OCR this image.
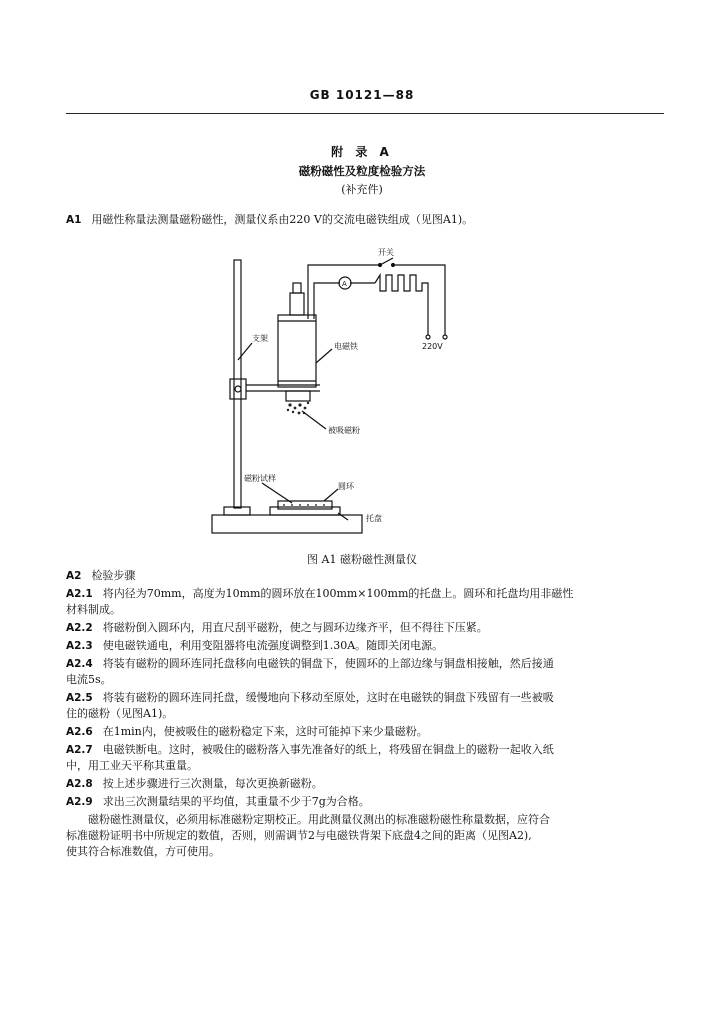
GB 10121—88
附 录 A
磁粉磁性及粒度检验方法
(补充件)
A1 用磁性称量法测量磁粉磁性，测量仪系由220 V的交流电磁铁组成（见图A1)。
开关
A
220V
支架
电磁铁
被吸磁粉
磁粉试样
圆环
托盘
图 A1 磁粉磁性测量仪
A2 检验步骤
A2.1 将内径为70mm，高度为10mm的圆环放在100mm×100mm的托盘上。圆环和托盘均用非磁性
材料制成。
A2.2 将磁粉倒入圆环内，用直尺刮平磁粉，使之与圆环边缘齐平，但不得往下压紧。
A2.3 使电磁铁通电，利用变阻器将电流强度调整到1.30A。随即关闭电源。
A2.4 将装有磁粉的圆环连同托盘移向电磁铁的铜盘下，使圆环的上部边缘与铜盘相接触，然后接通
电流5s。
A2.5 将装有磁粉的圆环连同托盘，缓慢地向下移动至原处，这时在电磁铁的铜盘下残留有一些被吸
住的磁粉（见图A1)。
A2.6 在1min内，使被吸住的磁粉稳定下来，这时可能掉下来少量磁粉。
A2.7 电磁铁断电。这时，被吸住的磁粉落入事先准备好的纸上，将残留在铜盘上的磁粉一起收入纸
中，用工业天平称其重量。
A2.8 按上述步骤进行三次测量，每次更换新磁粉。
A2.9 求出三次测量结果的平均值，其重量不少于7g为合格。
磁粉磁性测量仪，必须用标准磁粉定期校正。用此测量仪测出的标准磁粉磁性称量数据，应符合
标准磁粉证明书中所规定的数值，否则，则需调节2与电磁铁背架下底盘4之间的距离（见图A2),
使其符合标准数值，方可使用。
